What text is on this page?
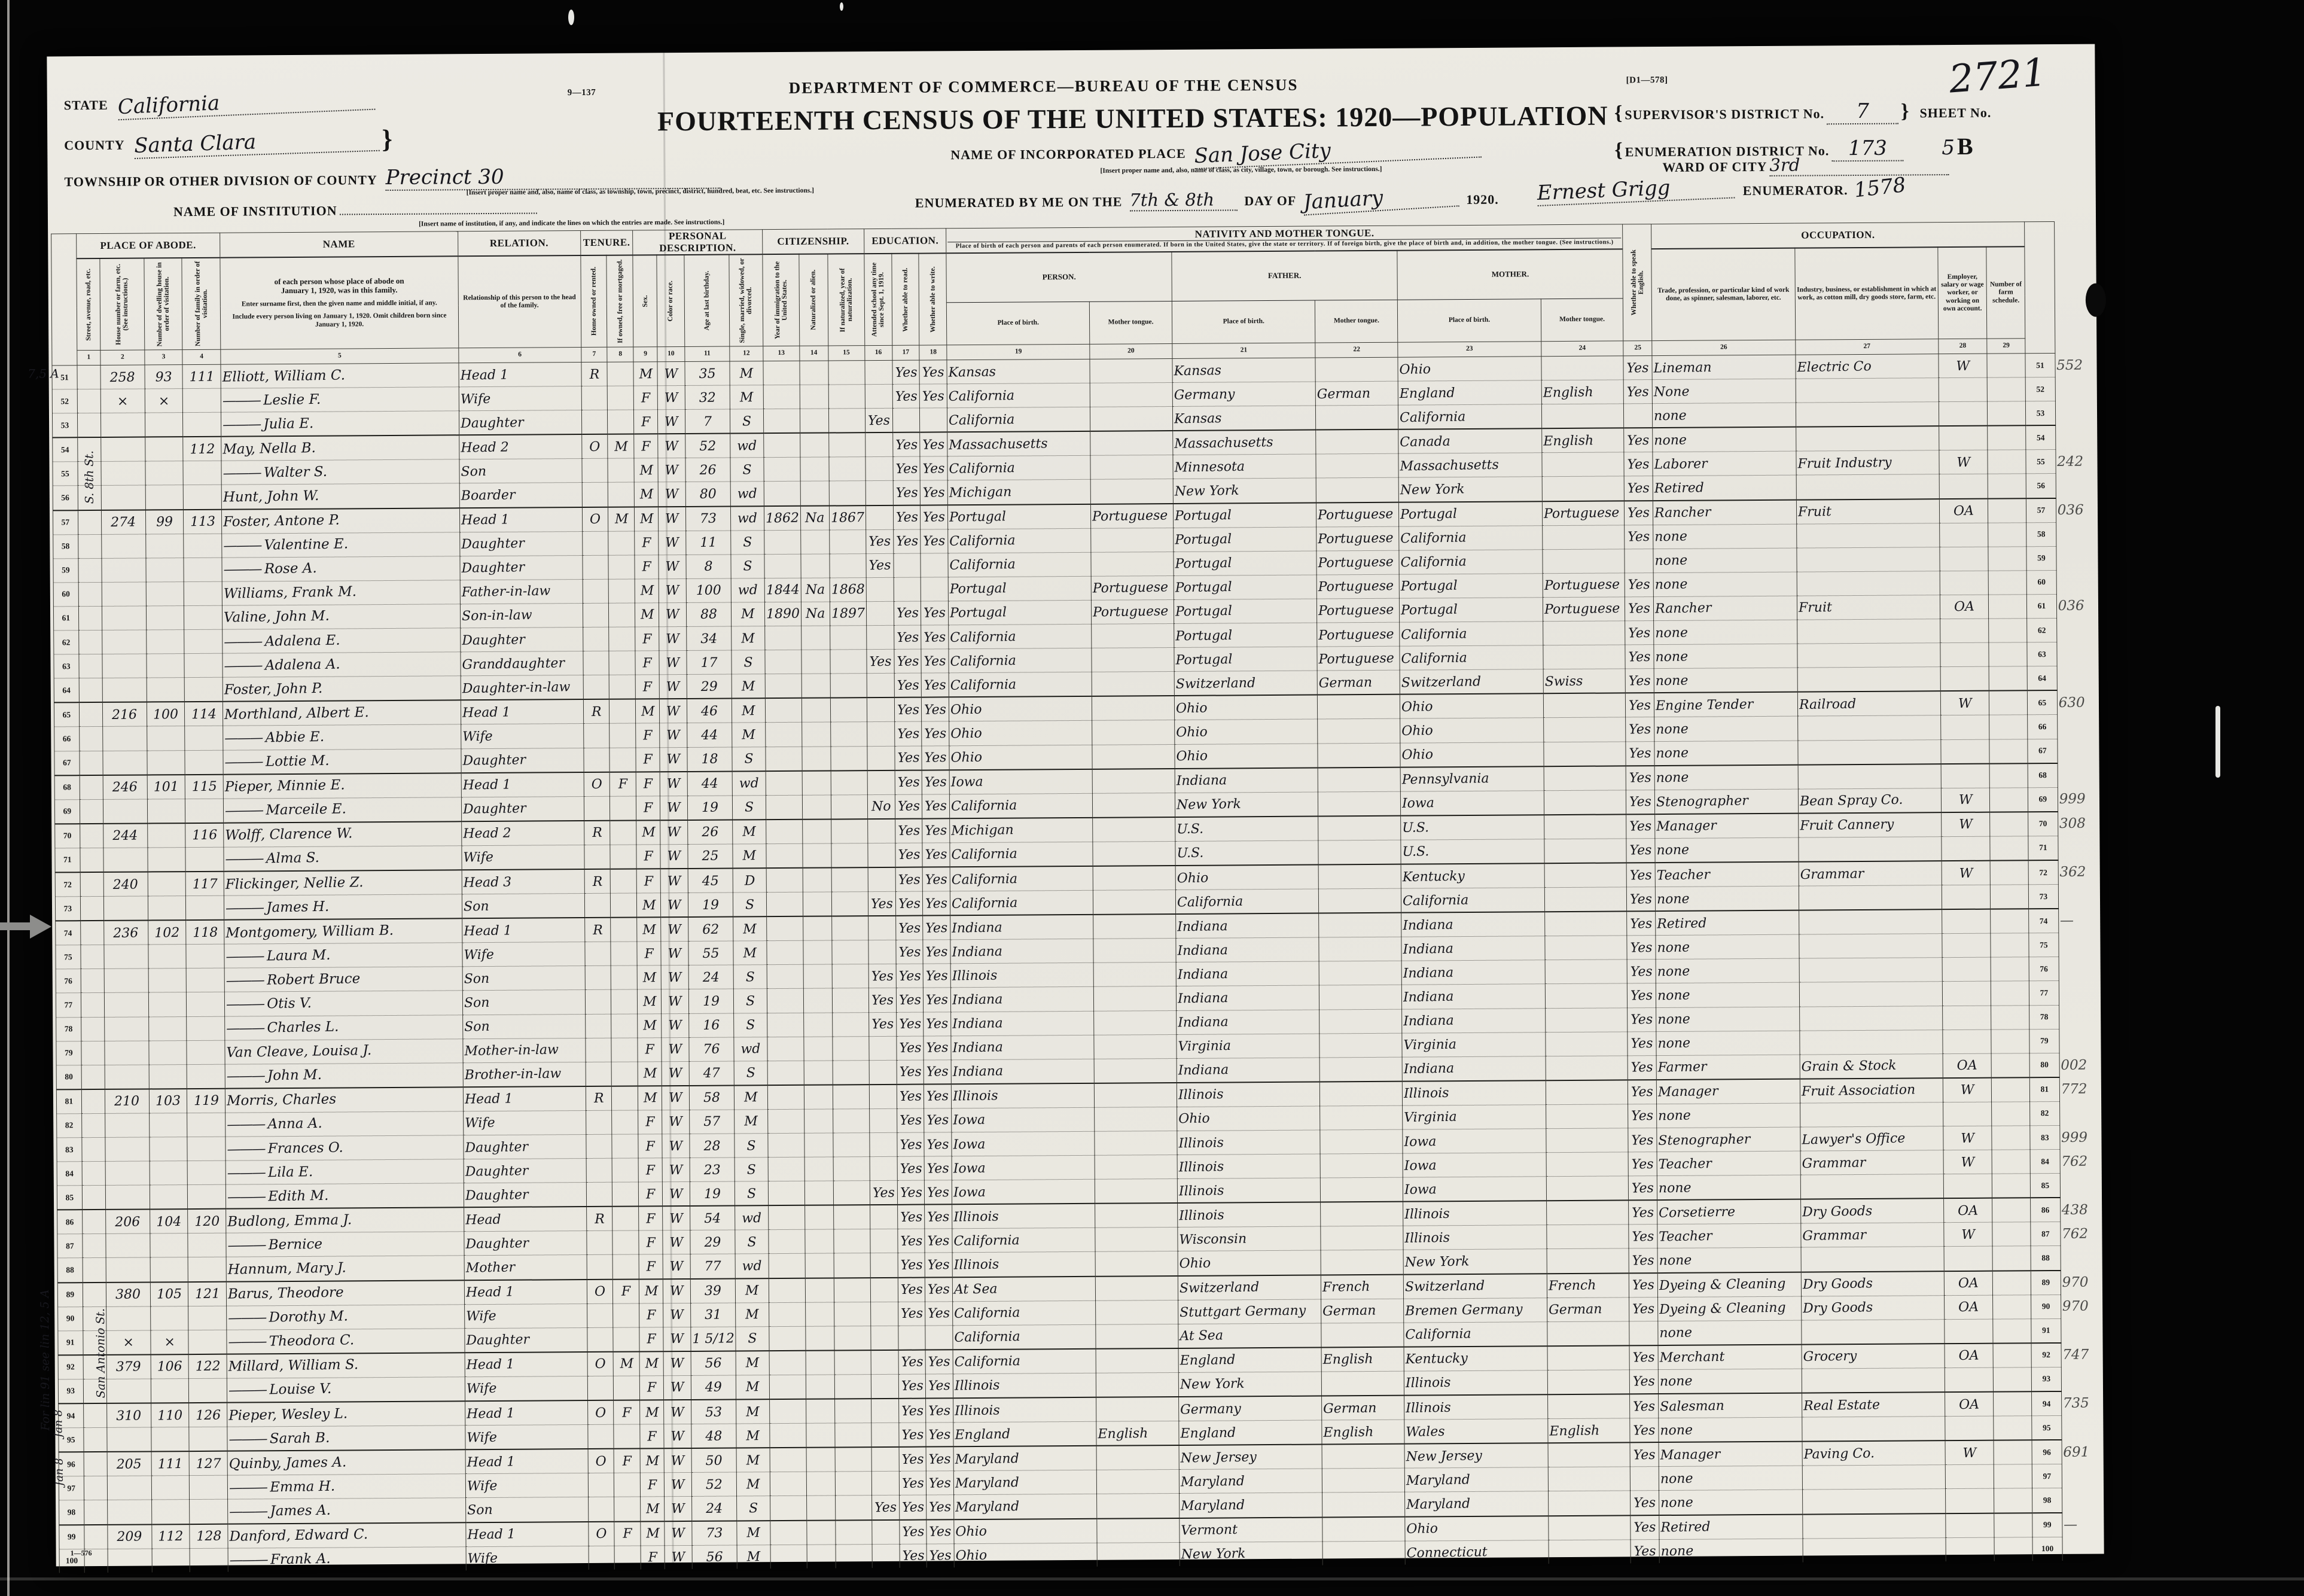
9—137	DEPARTMENT OF COMMERCE—BUREAU OF THE CENSUS	[D1—578]
FOURTEENTH CENSUS OF THE UNITED STATES: 1920—POPULATION
STATE California
COUNTY Santa Clara	}
TOWNSHIP OR OTHER DIVISION OF COUNTY Precinct 30
[Insert proper name and, also, name of class, as township, town, precinct, district, hundred, beat, etc. See instructions.]
NAME OF INSTITUTION
[Insert name of institution, if any, and indicate the lines on which the entries are made. See instructions.]
NAME OF INCORPORATED PLACE San Jose City
[Insert proper name and, also, name of class, as city, village, town, or borough. See instructions.]
ENUMERATED BY ME ON THE 7th & 8th DAY OF January	1920. Ernest Grigg	ENUMERATOR. 1578
{ SUPERVISOR'S DISTRICT No. 7 } SHEET No.
{ ENUMERATION DISTRICT No. 173	5 B
2721
WARD OF CITY 3rd

	PLACE OF ABODE.				NAME	RELATION.	TENURE.		PERSONAL DESCRIPTION.				CITIZENSHIP.			EDUCATION.			NATIVITY AND MOTHER TONGUE.
Place of birth of each person and parents of each person enumerated. If born in the United States, give the state or territory. If of foreign birth, give the place of birth and, in addition, the mother tongue. (See instructions.)						Whether able to speak English.	OCCUPATION.					

	Street, avenue, road, etc.	House number or farm, etc. (See instructions.)	Number of dwelling house in order of visitation.	Number of family in order of visitation.	of each person whose place of abode on
January 1, 1920, was in this family.
Enter surname first, then the given name and middle initial, if any.
Include every person living on January 1, 1920. Omit children born since January 1, 1920.	Relationship of this person to the head of the family.	Home owned or rented.	If owned, free or mortgaged.	Sex.	Color or race.	Age at last birthday.	Single, married, widowed, or divorced.	Year of immigration to the United States.	Naturalized or alien.	If naturalized, year of naturalization.	Attended school any time since Sept. 1, 1919.	Whether able to read.	Whether able to write.	PERSON.		FATHER.		MOTHER.			Trade, profession, or particular kind of work done, as spinner, salesman, laborer, etc.	Industry, business, or establishment in which at work, as cotton mill, dry goods store, farm, etc.	Employer, salary or wage worker, or working on own account.	Number of farm schedule.		

																			Place of birth.	Mother tongue.	Place of birth.	Mother tongue.	Place of birth.	Mother tongue.							

	1	2	3	4	5	6	7	8	9	10	11	12	13	14	15	16	17	18	19	20	21	22	23	24	25	26	27	28	29		

51		258	93	111	Elliott, William C.	Head 1	R		M	W	35	M					Yes	Yes	Kansas		Kansas		Ohio		Yes	Lineman	Electric Co	W		51	552
52		×	×		——— Leslie F.	Wife			F	W	32	M					Yes	Yes	California		Germany	German	England	English	Yes	None				52	
53					——— Julia E.	Daughter			F	W	7	S				Yes			California		Kansas		California			none				53	
54				112	May, Nella B.	Head 2	O	M	F	W	52	wd					Yes	Yes	Massachusetts		Massachusetts		Canada	English	Yes	none				54	
55					——— Walter S.	Son			M	W	26	S					Yes	Yes	California		Minnesota		Massachusetts		Yes	Laborer	Fruit Industry	W		55	242
56					Hunt, John W.	Boarder			M	W	80	wd					Yes	Yes	Michigan		New York		New York		Yes	Retired				56	
57		274	99	113	Foster, Antone P.	Head 1	O	M	M	W	73	wd	1862	Na	1867		Yes	Yes	Portugal	Portuguese	Portugal	Portuguese	Portugal	Portuguese	Yes	Rancher	Fruit	OA		57	036
58					——— Valentine E.	Daughter			F	W	11	S				Yes	Yes	Yes	California		Portugal	Portuguese	California		Yes	none				58	
59					——— Rose A.	Daughter			F	W	8	S				Yes			California		Portugal	Portuguese	California			none				59	
60					Williams, Frank M.	Father-in-law			M	W	100	wd	1844	Na	1868				Portugal	Portuguese	Portugal	Portuguese	Portugal	Portuguese	Yes	none				60	
61					Valine, John M.	Son-in-law			M	W	88	M	1890	Na	1897		Yes	Yes	Portugal	Portuguese	Portugal	Portuguese	Portugal	Portuguese	Yes	Rancher	Fruit	OA		61	036
62					——— Adalena E.	Daughter			F	W	34	M					Yes	Yes	California		Portugal	Portuguese	California		Yes	none				62	
63					——— Adalena A.	Granddaughter			F	W	17	S				Yes	Yes	Yes	California		Portugal	Portuguese	California		Yes	none				63	
64					Foster, John P.	Daughter-in-law			F	W	29	M					Yes	Yes	California		Switzerland	German	Switzerland	Swiss	Yes	none				64	
65		216	100	114	Morthland, Albert E.	Head 1	R		M	W	46	M					Yes	Yes	Ohio		Ohio		Ohio		Yes	Engine Tender	Railroad	W		65	630
66					——— Abbie E.	Wife			F	W	44	M					Yes	Yes	Ohio		Ohio		Ohio		Yes	none				66	
67					——— Lottie M.	Daughter			F	W	18	S					Yes	Yes	Ohio		Ohio		Ohio		Yes	none				67	
68		246	101	115	Pieper, Minnie E.	Head 1	O	F	F	W	44	wd					Yes	Yes	Iowa		Indiana		Pennsylvania		Yes	none				68	
69					——— Marceile E.	Daughter			F	W	19	S				No	Yes	Yes	California		New York		Iowa		Yes	Stenographer	Bean Spray Co.	W		69	999
70		244		116	Wolff, Clarence W.	Head 2	R		M	W	26	M					Yes	Yes	Michigan		U.S.		U.S.		Yes	Manager	Fruit Cannery	W		70	308
71					——— Alma S.	Wife			F	W	25	M					Yes	Yes	California		U.S.		U.S.		Yes	none				71	
72		240		117	Flickinger, Nellie Z.	Head 3	R		F	W	45	D					Yes	Yes	California		Ohio		Kentucky		Yes	Teacher	Grammar	W		72	362
73					——— James H.	Son			M	W	19	S				Yes	Yes	Yes	California		California		California		Yes	none				73	
74		236	102	118	Montgomery, William B.	Head 1	R		M	W	62	M					Yes	Yes	Indiana		Indiana		Indiana		Yes	Retired				74	—
75					——— Laura M.	Wife			F	W	55	M					Yes	Yes	Indiana		Indiana		Indiana		Yes	none				75	
76					——— Robert Bruce	Son			M	W	24	S				Yes	Yes	Yes	Illinois		Indiana		Indiana		Yes	none				76	
77					——— Otis V.	Son			M	W	19	S				Yes	Yes	Yes	Indiana		Indiana		Indiana		Yes	none				77	
78					——— Charles L.	Son			M	W	16	S				Yes	Yes	Yes	Indiana		Indiana		Indiana		Yes	none				78	
79					Van Cleave, Louisa J.	Mother-in-law			F	W	76	wd					Yes	Yes	Indiana		Virginia		Virginia		Yes	none				79	
80					——— John M.	Brother-in-law			M	W	47	S					Yes	Yes	Indiana		Indiana		Indiana		Yes	Farmer	Grain & Stock	OA		80	002
81		210	103	119	Morris, Charles	Head 1	R		M	W	58	M					Yes	Yes	Illinois		Illinois		Illinois		Yes	Manager	Fruit Association	W		81	772
82					——— Anna A.	Wife			F	W	57	M					Yes	Yes	Iowa		Ohio		Virginia		Yes	none				82	
83					——— Frances O.	Daughter			F	W	28	S					Yes	Yes	Iowa		Illinois		Iowa		Yes	Stenographer	Lawyer's Office	W		83	999
84					——— Lila E.	Daughter			F	W	23	S					Yes	Yes	Iowa		Illinois		Iowa		Yes	Teacher	Grammar	W		84	762
85					——— Edith M.	Daughter			F	W	19	S				Yes	Yes	Yes	Iowa		Illinois		Iowa		Yes	none				85	
86		206	104	120	Budlong, Emma J.	Head	R		F	W	54	wd					Yes	Yes	Illinois		Illinois		Illinois		Yes	Corsetierre	Dry Goods	OA		86	438
87					——— Bernice	Daughter			F	W	29	S					Yes	Yes	California		Wisconsin		Illinois		Yes	Teacher	Grammar	W		87	762
88					Hannum, Mary J.	Mother			F	W	77	wd					Yes	Yes	Illinois		Ohio		New York		Yes	none				88	
89		380	105	121	Barus, Theodore	Head 1	O	F	M	W	39	M					Yes	Yes	At Sea		Switzerland	French	Switzerland	French	Yes	Dyeing & Cleaning	Dry Goods	OA		89	970
90					——— Dorothy M.	Wife			F	W	31	M					Yes	Yes	California		Stuttgart Germany	German	Bremen Germany	German	Yes	Dyeing & Cleaning	Dry Goods	OA		90	970
91		×	×		——— Theodora C.	Daughter			F	W	1 5/12	S							California		At Sea		California			none				91	
92		379	106	122	Millard, William S.	Head 1	O	M	M	W	56	M					Yes	Yes	California		England	English	Kentucky		Yes	Merchant	Grocery	OA		92	747
93					——— Louise V.	Wife			F	W	49	M					Yes	Yes	Illinois		New York		Illinois		Yes	none				93	
94		310	110	126	Pieper, Wesley L.	Head 1	O	F	M	W	53	M					Yes	Yes	Illinois		Germany	German	Illinois		Yes	Salesman	Real Estate	OA		94	735
95					——— Sarah B.	Wife			F	W	48	M					Yes	Yes	England	English	England	English	Wales	English	Yes	none				95	
96		205	111	127	Quinby, James A.	Head 1	O	F	M	W	50	M					Yes	Yes	Maryland		New Jersey		New Jersey		Yes	Manager	Paving Co.	W		96	691
97					——— Emma H.	Wife			F	W	52	M					Yes	Yes	Maryland		Maryland		Maryland			none				97	
98					——— James A.	Son			M	W	24	S				Yes	Yes	Yes	Maryland		Maryland		Maryland		Yes	none				98	
99		209	112	128	Danford, Edward C.	Head 1	O	F	M	W	73	M					Yes	Yes	Ohio		Vermont		Ohio		Yes	Retired				99	—
100					——— Frank A.	Wife			F	W	56	M					Yes	Yes	Ohio		New York		Connecticut		Yes	none				100	
1—576
7,5 A
For lin 91 see lin 12, 5 A Jan 8
Jan 8
S. 8th St.
San Antonio St.
